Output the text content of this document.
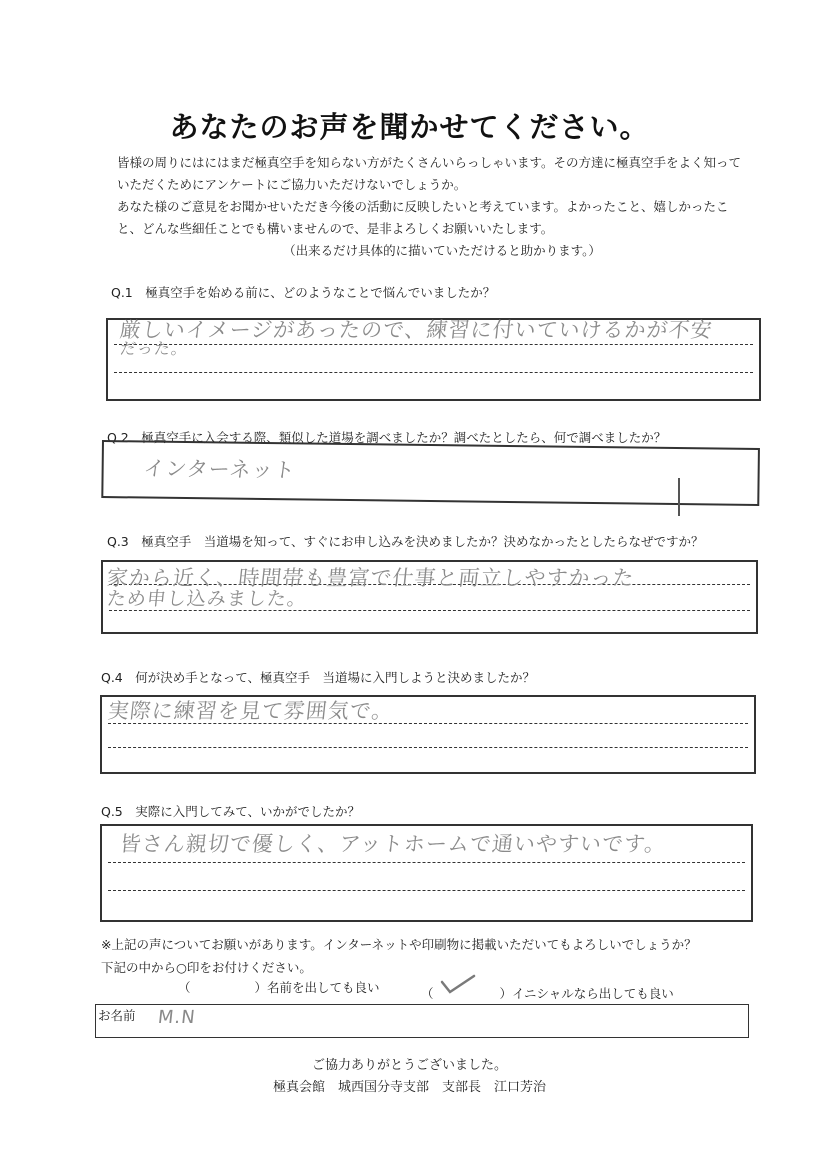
あなたのお声を聞かせてください。

皆様の周りにはにはまだ極真空手を知らない方がたくさんいらっしゃいます。その方達に極真空手をよく知って

いただくためにアンケートにご協力いただけないでしょうか。

あなた様のご意見をお聞かせいただき今後の活動に反映したいと考えています。よかったこと、嬉しかったこ

と、どんな些細任ことでも構いませんので、是非よろしくお願いいたします。

（出来るだけ具体的に描いていただけると助かります。）

Q.1　極真空手を始める前に、どのようなことで悩んでいましたか？
厳しいイメージがあったので、練習に付いていけるかが不安
だった。
Q.2　極真空手に入会する際、類似した道場を調べましたか？調べたとしたら、何で調べましたか？
インターネット
Q.3　極真空手　当道場を知って、すぐにお申し込みを決めましたか？決めなかったとしたらなぜですか？
家から近く、時間帯も豊富で仕事と両立しやすかった
ため申し込みました。
Q.4　何が決め手となって、極真空手　当道場に入門しようと決めましたか？
実際に練習を見て雰囲気で。
Q.5　実際に入門してみて、いかがでしたか？
皆さん親切で優しく、アットホームで通いやすいです。
※上記の声についてお願いがあります。インターネットや印刷物に掲載いただいてもよろしいでしょうか？
下記の中から○印をお付けください。
（	）名前を出しても良い	（	）イニシャルなら出しても良い
お名前 M.N
ご協力ありがとうございました。
極真会館　城西国分寺支部　支部長　江口芳治
